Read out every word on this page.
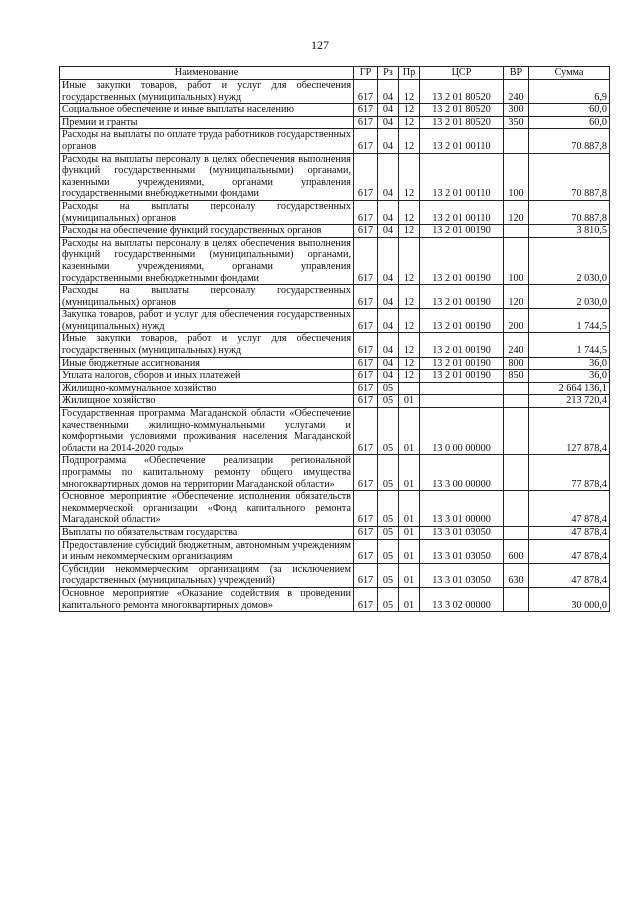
127
Наименование	ГР	Рз	Пр	ЦСР	ВР	Сумма
Иные закупки товаров, работ и услуг для обеспечения государственных (муниципальных) нужд	617	04	12	13 2 01 80520	240	6,9
Социальное обеспечение и иные выплаты населению	617	04	12	13 2 01 80520	300	60,0
Премии и гранты	617	04	12	13 2 01 80520	350	60,0
Расходы на выплаты по оплате труда работников государственных органов	617	04	12	13 2 01 00110		70 887,8
Расходы на выплаты персоналу в целях обеспечения выполнения функций государственными (муниципальными) органами, казенными учреждениями, органами управления государственными внебюджетными фондами	617	04	12	13 2 01 00110	100	70 887,8
Расходы на выплаты персоналу государственных (муниципальных) органов	617	04	12	13 2 01 00110	120	70 887,8
Расходы на обеспечение функций государственных органов	617	04	12	13 2 01 00190		3 810,5
Расходы на выплаты персоналу в целях обеспечения выполнения функций государственными (муниципальными) органами, казенными учреждениями, органами управления государственными внебюджетными фондами	617	04	12	13 2 01 00190	100	2 030,0
Расходы на выплаты персоналу государственных (муниципальных) органов	617	04	12	13 2 01 00190	120	2 030,0
Закупка товаров, работ и услуг для обеспечения государственных (муниципальных) нужд	617	04	12	13 2 01 00190	200	1 744,5
Иные закупки товаров, работ и услуг для обеспечения государственных (муниципальных) нужд	617	04	12	13 2 01 00190	240	1 744,5
Иные бюджетные ассигнования	617	04	12	13 2 01 00190	800	36,0
Уплата налогов, сборов и иных платежей	617	04	12	13 2 01 00190	850	36,0
Жилищно-коммунальное хозяйство	617	05				2 664 136,1
Жилищное хозяйство	617	05	01			213 720,4
Государственная программа Магаданской области «Обеспечение качественными жилищно-коммунальными услугами и комфортными условиями проживания населения Магаданской области на 2014-2020 годы»	617	05	01	13 0 00 00000		127 878,4
Подпрограмма «Обеспечение реализации региональной программы по капитальному ремонту общего имущества многоквартирных домов на территории Магаданской области»	617	05	01	13 3 00 00000		77 878,4
Основное мероприятие «Обеспечение исполнения обязательств некоммерческой организации «Фонд капитального ремонта Магаданской области»	617	05	01	13 3 01 00000		47 878,4
Выплаты по обязательствам государства	617	05	01	13 3 01 03050		47 878,4
Предоставление субсидий бюджетным, автономным учреждениям и иным некоммерческим организациям	617	05	01	13 3 01 03050	600	47 878,4
Субсидии некоммерческим организациям (за исключением государственных (муниципальных) учреждений)	617	05	01	13 3 01 03050	630	47 878,4
Основное мероприятие «Оказание содействия в проведении капитального ремонта многоквартирных домов»	617	05	01	13 3 02 00000		30 000,0
